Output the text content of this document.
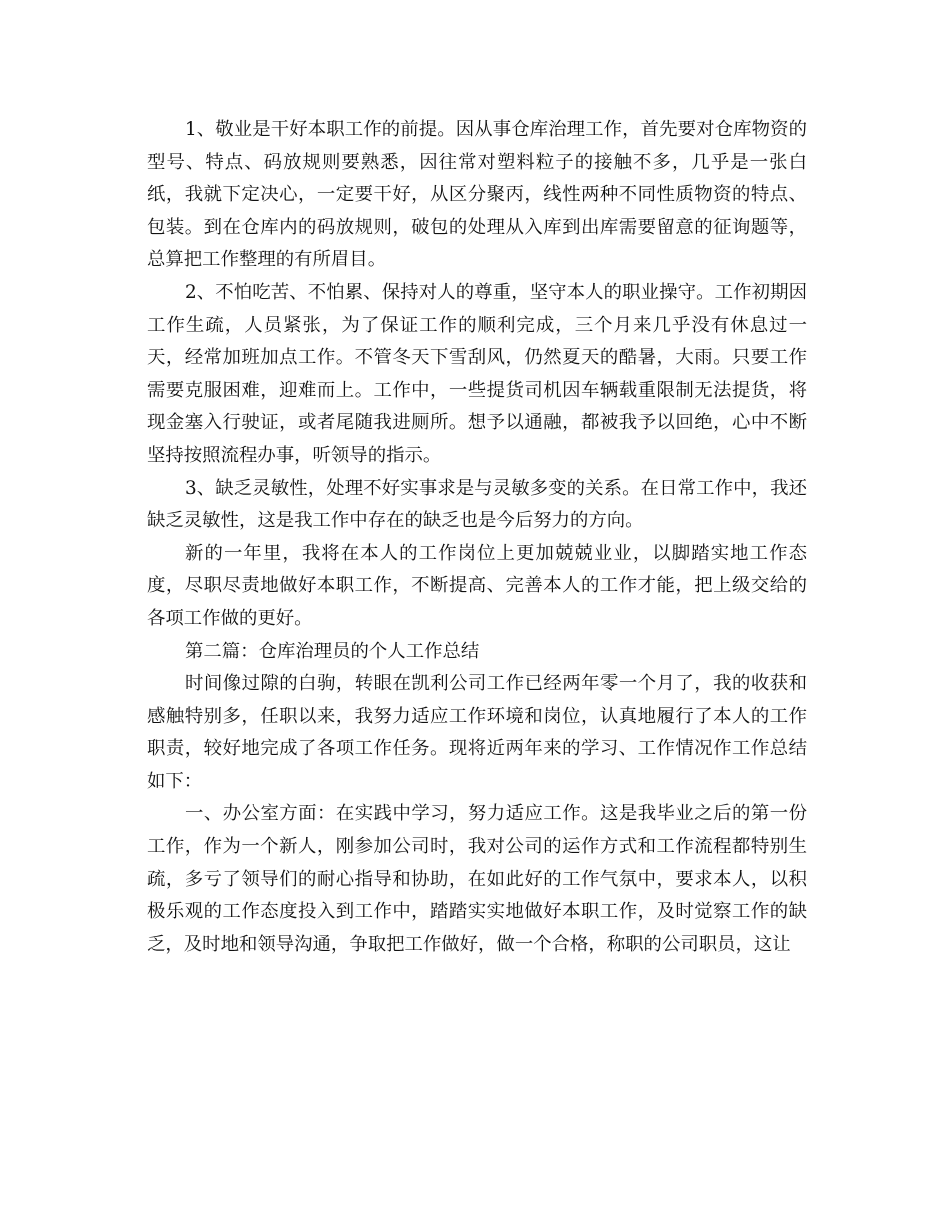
1、敬业是干好本职工作的前提。因从事仓库治理工作，首先要对仓库物资的型号、特点、码放规则要熟悉，因往常对塑料粒子的接触不多，几乎是一张白纸，我就下定决心，一定要干好，从区分聚丙，线性两种不同性质物资的特点、包装。到在仓库内的码放规则，破包的处理从入库到出库需要留意的征询题等，总算把工作整理的有所眉目。

2、不怕吃苦、不怕累、保持对人的尊重，坚守本人的职业操守。工作初期因工作生疏，人员紧张，为了保证工作的顺利完成，三个月来几乎没有休息过一天，经常加班加点工作。不管冬天下雪刮风，仍然夏天的酷暑，大雨。只要工作需要克服困难，迎难而上。工作中，一些提货司机因车辆载重限制无法提货，将现金塞入行驶证，或者尾随我进厕所。想予以通融，都被我予以回绝，心中不断坚持按照流程办事，听领导的指示。

3、缺乏灵敏性，处理不好实事求是与灵敏多变的关系。在日常工作中，我还缺乏灵敏性，这是我工作中存在的缺乏也是今后努力的方向。

新的一年里，我将在本人的工作岗位上更加兢兢业业，以脚踏实地工作态度，尽职尽责地做好本职工作，不断提高、完善本人的工作才能，把上级交给的各项工作做的更好。

第二篇：仓库治理员的个人工作总结

时间像过隙的白驹，转眼在凯利公司工作已经两年零一个月了，我的收获和感触特别多，任职以来，我努力适应工作环境和岗位，认真地履行了本人的工作职责，较好地完成了各项工作任务。现将近两年来的学习、工作情况作工作总结如下：

一、办公室方面：在实践中学习，努力适应工作。这是我毕业之后的第一份工作，作为一个新人，刚参加公司时，我对公司的运作方式和工作流程都特别生疏，多亏了领导们的耐心指导和协助，在如此好的工作气氛中，要求本人，以积极乐观的工作态度投入到工作中，踏踏实实地做好本职工作，及时觉察工作的缺乏，及时地和领导沟通，争取把工作做好，做一个合格，称职的公司职员，这让
